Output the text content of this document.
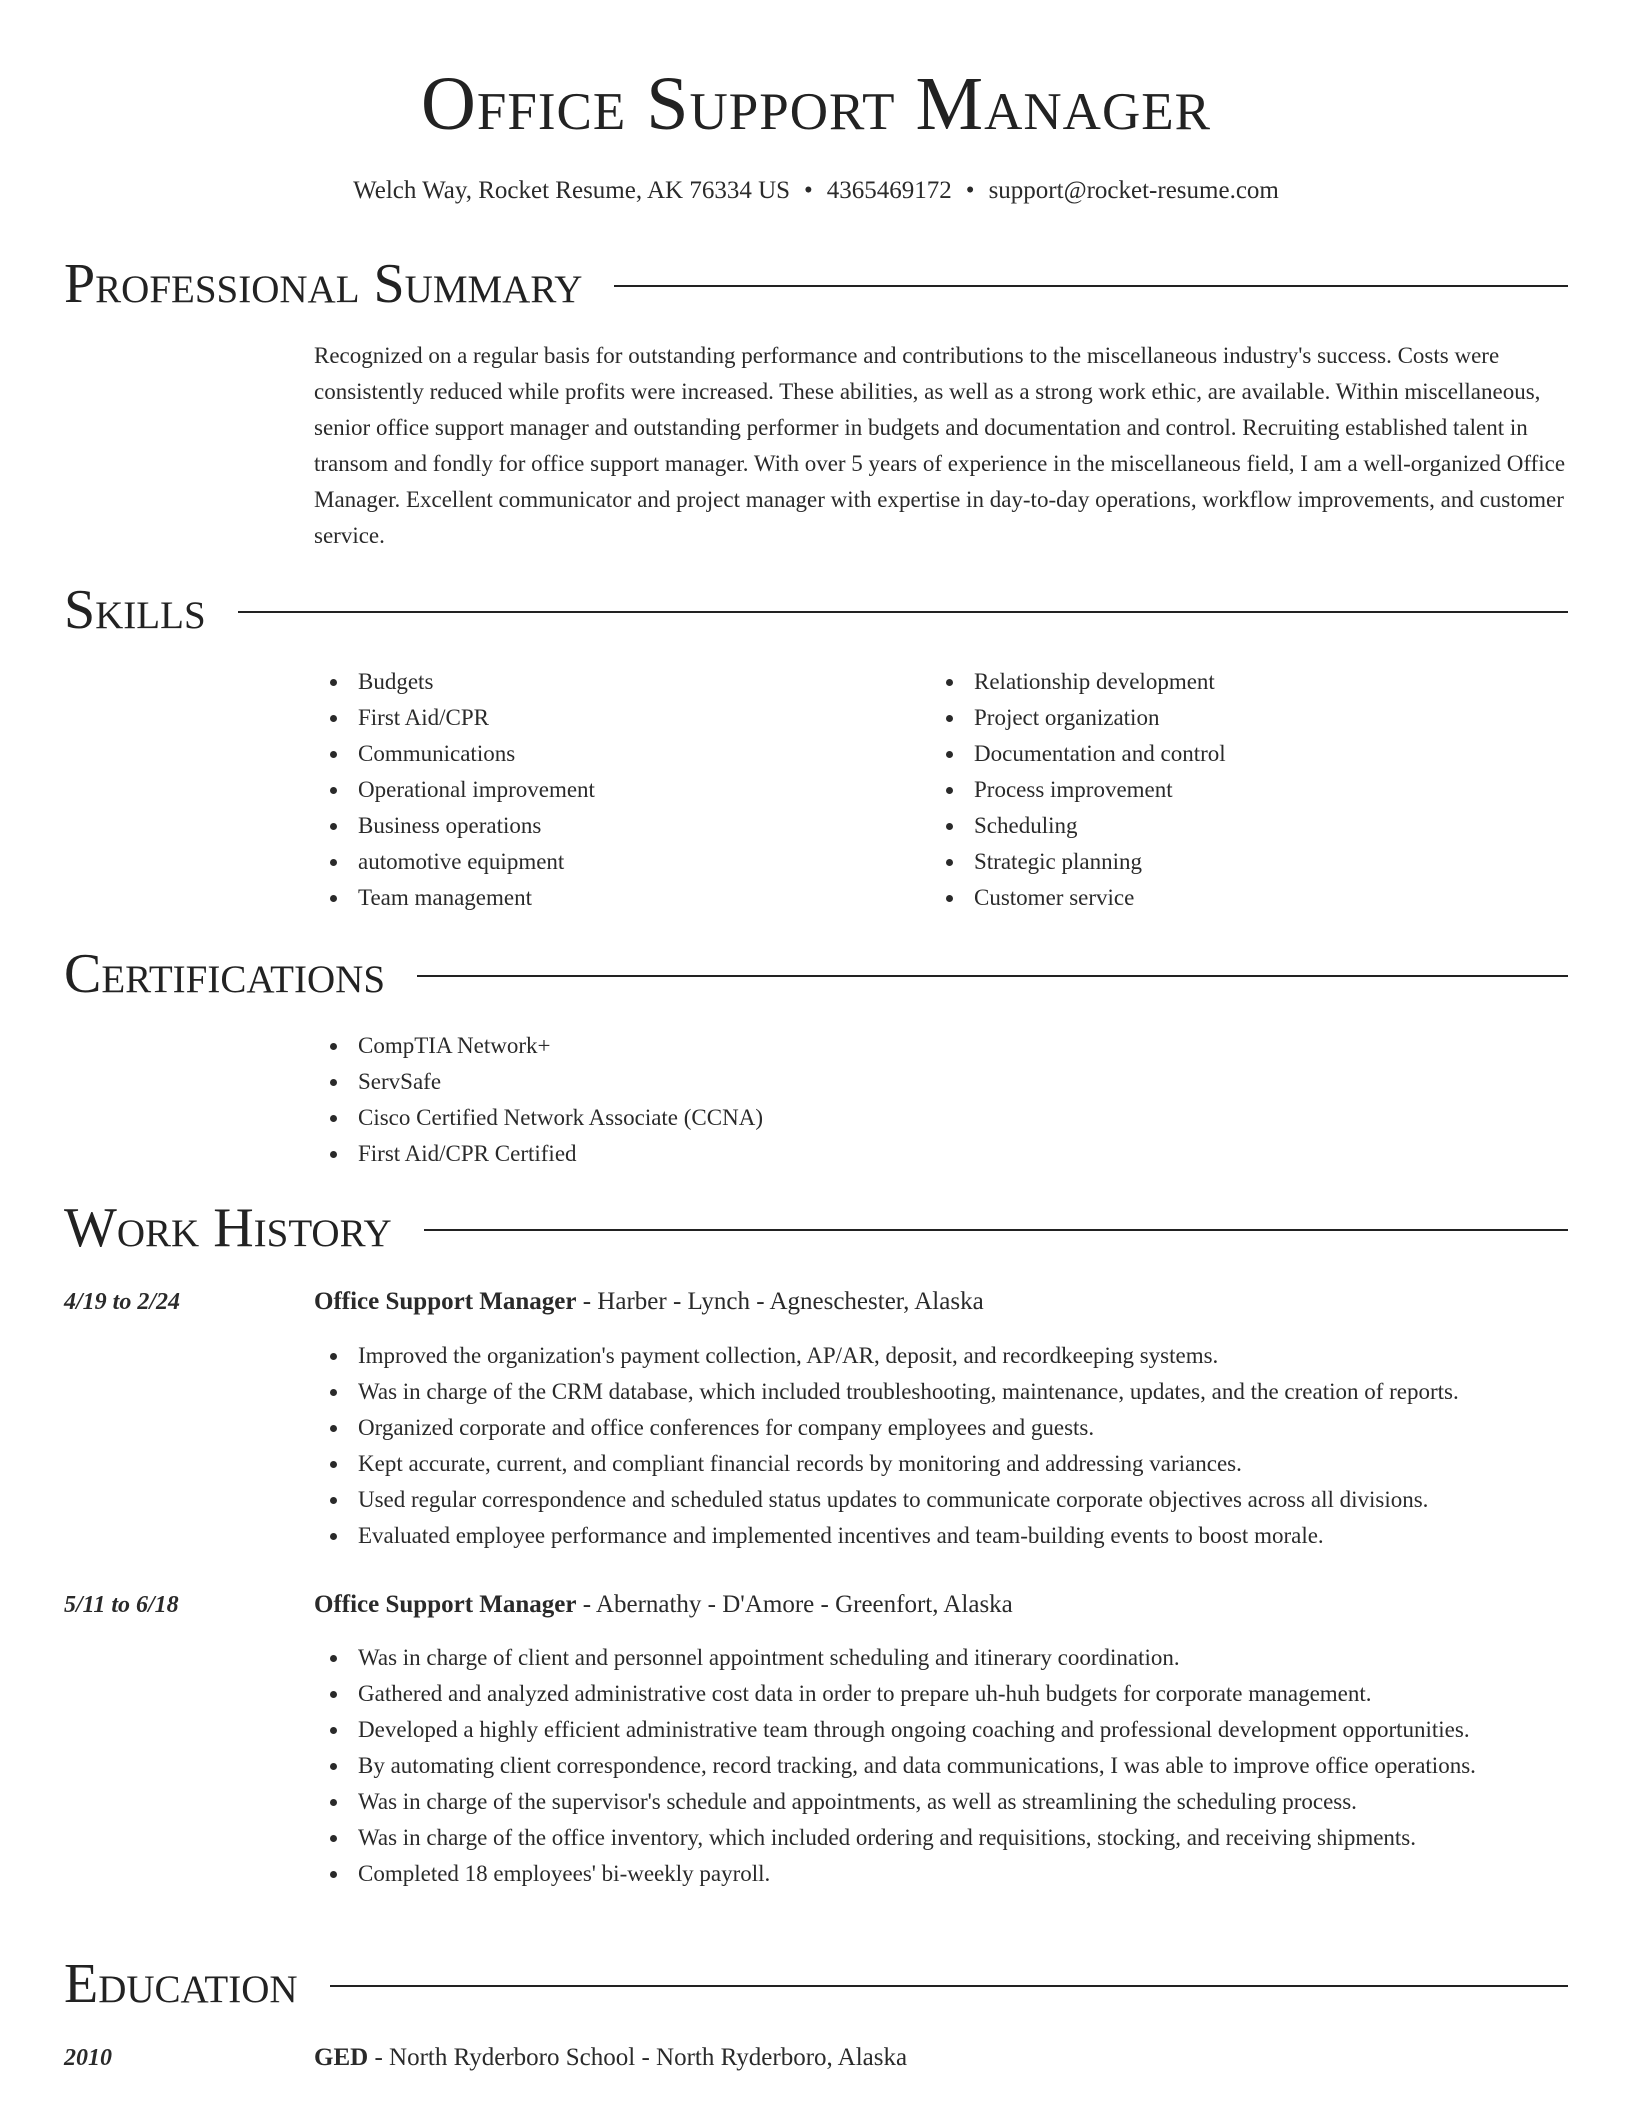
Office Support Manager
Welch Way, Rocket Resume, AK 76334 US • 4365469172 • support@rocket-resume.com
Professional Summary
Recognized on a regular basis for outstanding performance and contributions to the miscellaneous industry's success. Costs were consistently reduced while profits were increased. These abilities, as well as a strong work ethic, are available. Within miscellaneous, senior office support manager and outstanding performer in budgets and documentation and control. Recruiting established talent in transom and fondly for office support manager. With over 5 years of experience in the miscellaneous field, I am a well-organized Office Manager. Excellent communicator and project manager with expertise in day-to-day operations, workflow improvements, and customer service.
Skills
Budgets
First Aid/CPR
Communications
Operational improvement
Business operations
automotive equipment
Team management
Relationship development
Project organization
Documentation and control
Process improvement
Scheduling
Strategic planning
Customer service
Certifications
CompTIA Network+
ServSafe
Cisco Certified Network Associate (CCNA)
First Aid/CPR Certified
Work History
4/19 to 2/24	Office Support Manager - Harber - Lynch - Agneschester, Alaska
Improved the organization's payment collection, AP/AR, deposit, and recordkeeping systems.
Was in charge of the CRM database, which included troubleshooting, maintenance, updates, and the creation of reports.
Organized corporate and office conferences for company employees and guests.
Kept accurate, current, and compliant financial records by monitoring and addressing variances.
Used regular correspondence and scheduled status updates to communicate corporate objectives across all divisions.
Evaluated employee performance and implemented incentives and team-building events to boost morale.
5/11 to 6/18	Office Support Manager - Abernathy - D'Amore - Greenfort, Alaska
Was in charge of client and personnel appointment scheduling and itinerary coordination.
Gathered and analyzed administrative cost data in order to prepare uh-huh budgets for corporate management.
Developed a highly efficient administrative team through ongoing coaching and professional development opportunities.
By automating client correspondence, record tracking, and data communications, I was able to improve office operations.
Was in charge of the supervisor's schedule and appointments, as well as streamlining the scheduling process.
Was in charge of the office inventory, which included ordering and requisitions, stocking, and receiving shipments.
Completed 18 employees' bi-weekly payroll.
Education
2010	GED - North Ryderboro School - North Ryderboro, Alaska
